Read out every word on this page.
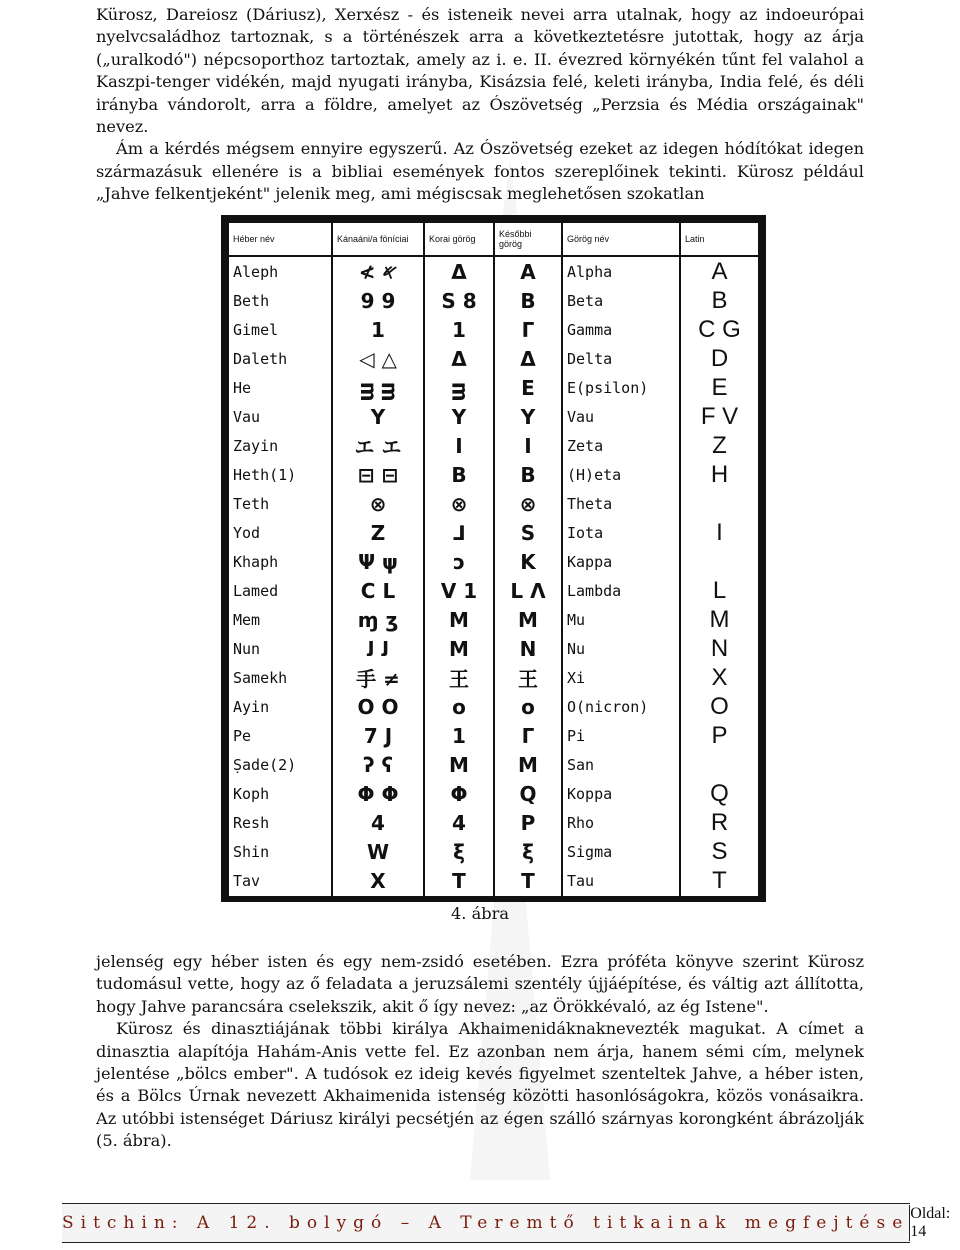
Kürosz, Dareiosz (Dáriusz), Xerxész - és isteneik nevei arra utalnak, hogy az indoeurópai nyelvcsaládhoz tartoznak, s a történészek arra a következtetésre jutottak, hogy az árja („uralkodó") népcsoporthoz tartoztak, amely az i. e. II. évezred környékén tűnt fel valahol a Kaszpi-tenger vidékén, majd nyugati irányba, Kisázsia felé, keleti irányba, India felé, és déli irányba vándorolt, arra a földre, amelyet az Ószövetség „Perzsia és Média országainak" nevez.

Ám a kérdés mégsem ennyire egyszerű. Az Ószövetség ezeket az idegen hódítókat idegen származásuk ellenére is a bibliai események fontos szereplőinek tekinti. Kürosz például „Jahve felkentjeként" jelenik meg, ami mégiscsak meglehetősen szokatlan

Héber név	Kánaáni/a föníciai	Korai görög	Későbbi görög	Görög név	Latin
Aleph	≮ 𐤀	Δ	A	Alpha	A
Beth	9 9	S 8	B	Beta	B
Gimel	1	1	Γ	Gamma	C G
Daleth	◁ △	Δ	Δ	Delta	D
He	ᴟ ᴟ	ᴟ	E	E(psilon)	E
Vau	Y	Y	Y	Vau	F V
Zayin	エ エ	I	I	Zeta	Z
Heth(1)	⊟ ⊟	B	B	(H)eta	H
Teth	⊗	⊗	⊗	Theta	
Yod	Z	⅃	S	Iota	I
Khaph	Ψ ψ	ↄ	K	Kappa	
Lamed	C L	V 1	L Λ	Lambda	L
Mem	ɱ ʒ	M	M	Mu	M
Nun	ﻟ ﻟ	M	N	Nu	N
Samekh	手 ≠	王	王	Xi	X
Ayin	O O	o	o	O(nicron)	O
Pe	7 J	1	Γ	Pi	P
Ṣade(2)	ʔ ʕ	M	M	San	
Koph	Φ Φ	Φ	Q	Koppa	Q
Resh	4	4	P	Rho	R
Shin	W	ξ	ξ	Sigma	S
Tav	X	T	T	Tau	T
4. ábra

jelenség egy héber isten és egy nem-zsidó esetében. Ezra próféta könyve szerint Kürosz tudomásul vette, hogy az ő feladata a jeruzsálemi szentély újjáépítése, és váltig azt állította, hogy Jahve parancsára cselekszik, akit ő így nevez: „az Örökkévaló, az ég Istene".

Kürosz és dinasztiájának többi királya Akhaimenidáknaknevezték magukat. A címet a dinasztia alapítója Hahám-Anis vette fel. Ez azonban nem árja, hanem sémi cím, melynek jelentése „bölcs ember". A tudósok ez ideig kevés figyelmet szenteltek Jahve, a héber isten, és a Bölcs Úrnak nevezett Akhaimenida istenség közötti hasonlóságokra, közös vonásaikra. Az utóbbi istenséget Dáriusz királyi pecsétjén az égen szálló szárnyas korongként ábrázolják (5. ábra).

Sitchin: A 12. bolygó – A Teremtő titkainak megfejtése Oldal: 14
